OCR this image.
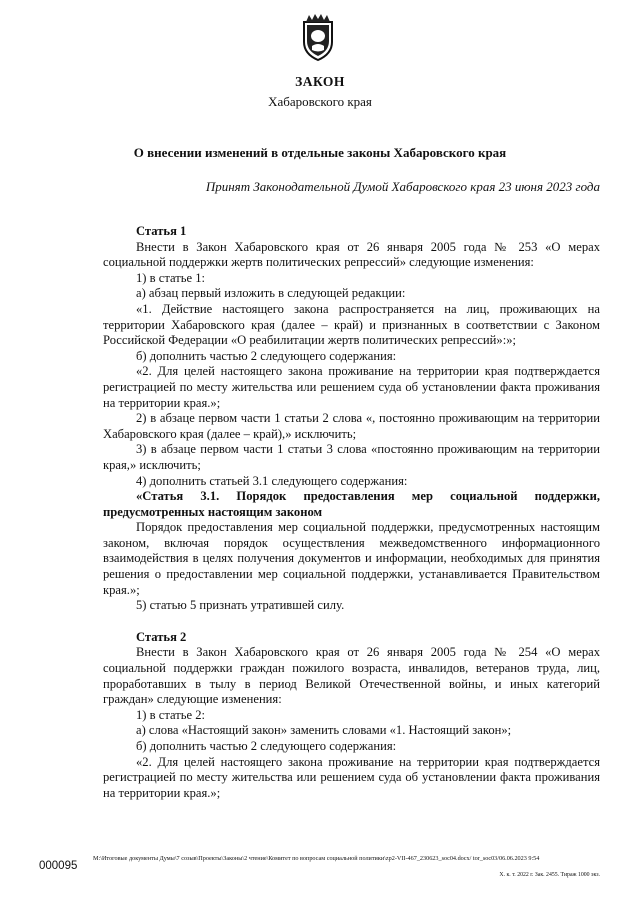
ЗАКОН
Хабаровского края
О внесении изменений в отдельные законы Хабаровского края
Принят Законодательной Думой Хабаровского края 23 июня 2023 года

Статья 1

Внести в Закон Хабаровского края от 26 января 2005 года № 253 «О мерах социальной поддержки жертв политических репрессий» следующие изменения:

1) в статье 1:

а) абзац первый изложить в следующей редакции:

«1. Действие настоящего закона распространяется на лиц, проживающих на территории Хабаровского края (далее – край) и признанных в соответствии с Законом Российской Федерации «О реабилитации жертв политических репрессий»:»;

б) дополнить частью 2 следующего содержания:

«2. Для целей настоящего закона проживание на территории края подтверждается регистрацией по месту жительства или решением суда об установлении факта проживания на территории края.»;

2) в абзаце первом части 1 статьи 2 слова «, постоянно проживающим на территории Хабаровского края (далее – край),» исключить;

3) в абзаце первом части 1 статьи 3 слова «постоянно проживающим на территории края,» исключить;

4) дополнить статьей 3.1 следующего содержания:

«Статья 3.1. Порядок предоставления мер социальной поддержки, предусмотренных настоящим законом

Порядок предоставления мер социальной поддержки, предусмотренных настоящим законом, включая порядок осуществления межведомственного информационного взаимодействия в целях получения документов и информации, необходимых для принятия решения о предоставлении мер социальной поддержки, устанавливается Правительством края.»;

5) статью 5 признать утратившей силу.

Статья 2

Внести в Закон Хабаровского края от 26 января 2005 года № 254 «О мерах социальной поддержки граждан пожилого возраста, инвалидов, ветеранов труда, лиц, проработавших в тылу в период Великой Отечественной войны, и иных категорий граждан» следующие изменения:

1) в статье 2:

а) слова «Настоящий закон» заменить словами «1. Настоящий закон»;

б) дополнить частью 2 следующего содержания:

«2. Для целей настоящего закона проживание на территории края подтверждается регистрацией по месту жительства или решением суда об установлении факта проживания на территории края.»;

000095
M:\Итоговые документы Думы\7 созыв\Проекты\Законы\2 чтение\Комитет по вопросам социальной политики\zp2-VII-467_230623_soc04.docx/ tor_soc03/06.06.2023 9:54
Х. к. т. 2022 г. Зак. 2455. Тираж 1000 экз.
